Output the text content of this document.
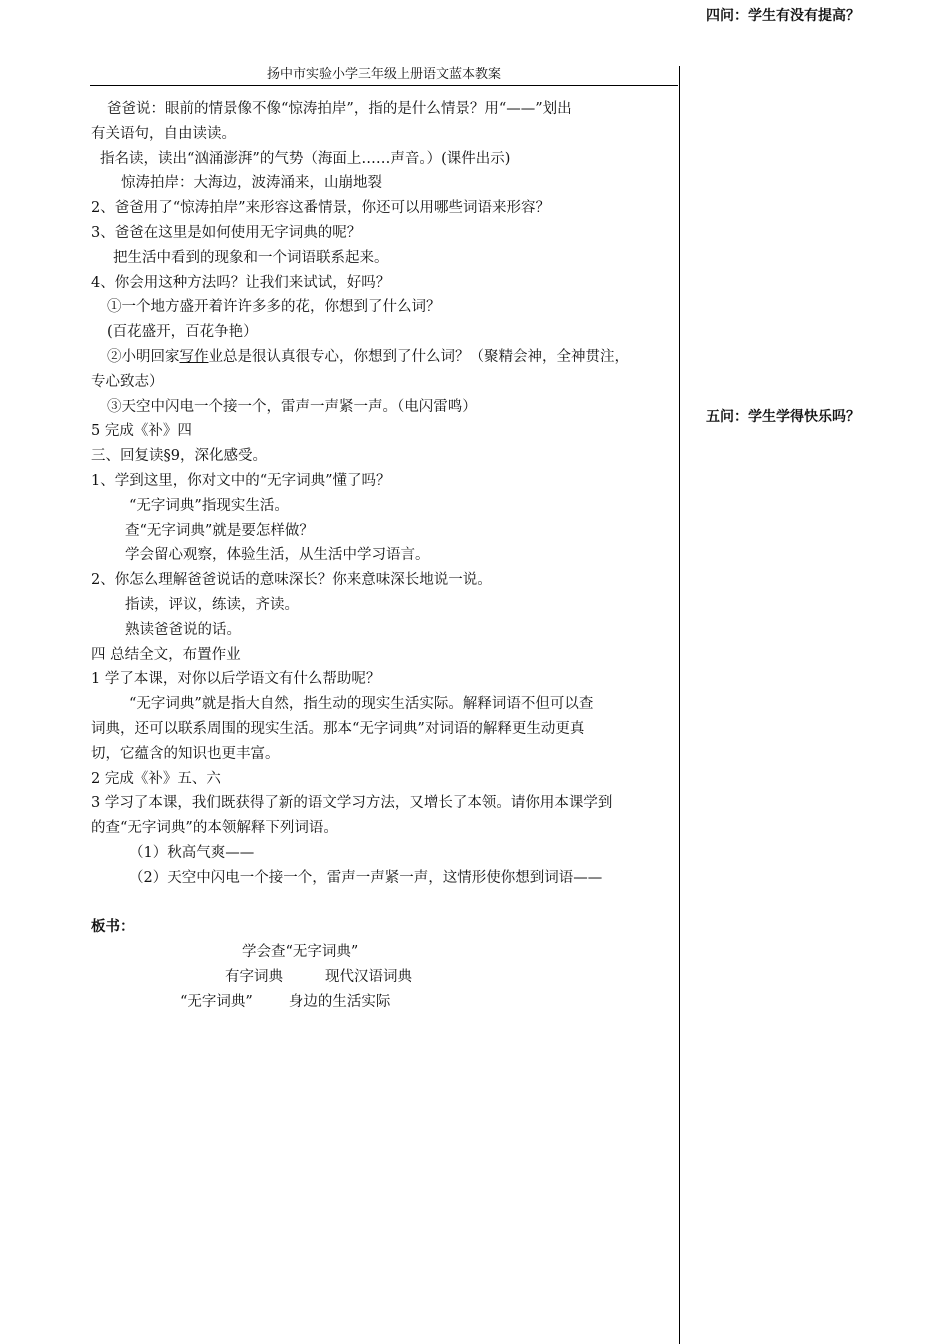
扬中市实验小学三年级上册语文蓝本教案
四问：学生有没有提高？
五问：学生学得快乐吗？
爸爸说：眼前的情景像不像“惊涛拍岸”，指的是什么情景？用“——”划出
有关语句，自由读读。
指名读，读出“汹涌澎湃”的气势（海面上……声音。）(课件出示)
惊涛拍岸：大海边，波涛涌来，山崩地裂
2、爸爸用了“惊涛拍岸”来形容这番情景，你还可以用哪些词语来形容？
3、爸爸在这里是如何使用无字词典的呢？
把生活中看到的现象和一个词语联系起来。
4、你会用这种方法吗？让我们来试试，好吗？
①一个地方盛开着许许多多的花，你想到了什么词？
(百花盛开，百花争艳）
②小明回家写作业总是很认真很专心，你想到了什么词？（聚精会神，全神贯注，
专心致志）
③天空中闪电一个接一个，雷声一声紧一声。（电闪雷鸣）
5 完成《补》四
三、回复读§9，深化感受。
1、学到这里，你对文中的“无字词典”懂了吗？
“无字词典”指现实生活。
查“无字词典”就是要怎样做？
学会留心观察，体验生活，从生活中学习语言。
2、你怎么理解爸爸说话的意味深长？你来意味深长地说一说。
指读，评议，练读，齐读。
熟读爸爸说的话。
四 总结全文，布置作业
1 学了本课，对你以后学语文有什么帮助呢？
“无字词典”就是指大自然，指生动的现实生活实际。解释词语不但可以查
词典，还可以联系周围的现实生活。那本“无字词典”对词语的解释更生动更真
切，它蕴含的知识也更丰富。
2 完成《补》五、六
3 学习了本课，我们既获得了新的语文学习方法，又增长了本领。请你用本课学到
的查“无字词典”的本领解释下列词语。
（1）秋高气爽——
（2）天空中闪电一个接一个，雷声一声紧一声，这情形使你想到词语——
板书：
学会查“无字词典”
有字词典	现代汉语词典
“无字词典” 身边的生活实际
